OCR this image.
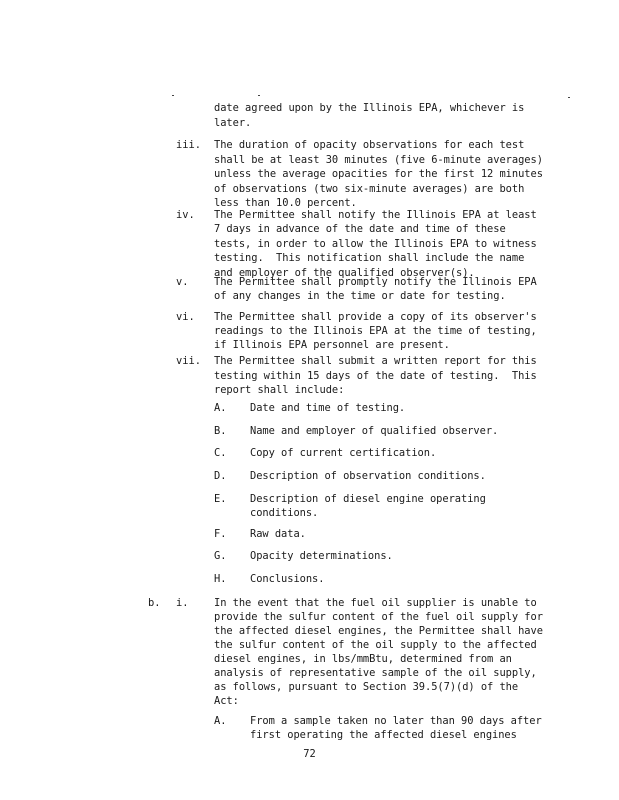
date agreed upon by the Illinois EPA, whichever is
later.
iii. The duration of opacity observations for each test
shall be at least 30 minutes (five 6-minute averages)
unless the average opacities for the first 12 minutes
of observations (two six-minute averages) are both
less than 10.0 percent.
iv. The Permittee shall notify the Illinois EPA at least
7 days in advance of the date and time of these
tests, in order to allow the Illinois EPA to witness
testing.  This notification shall include the name
and employer of the qualified observer(s).
v. The Permittee shall promptly notify the Illinois EPA
of any changes in the time or date for testing.
vi. The Permittee shall provide a copy of its observer's
readings to the Illinois EPA at the time of testing,
if Illinois EPA personnel are present.
vii. The Permittee shall submit a written report for this
testing within 15 days of the date of testing.  This
report shall include:
A. Date and time of testing.
B. Name and employer of qualified observer.
C. Copy of current certification.
D. Description of observation conditions.
E. Description of diesel engine operating
conditions.
F. Raw data.
G. Opacity determinations.
H. Conclusions.
b. i. In the event that the fuel oil supplier is unable to
provide the sulfur content of the fuel oil supply for
the affected diesel engines, the Permittee shall have
the sulfur content of the oil supply to the affected
diesel engines, in lbs/mmBtu, determined from an
analysis of representative sample of the oil supply,
as follows, pursuant to Section 39.5(7)(d) of the
Act:
A. From a sample taken no later than 90 days after
first operating the affected diesel engines
72
